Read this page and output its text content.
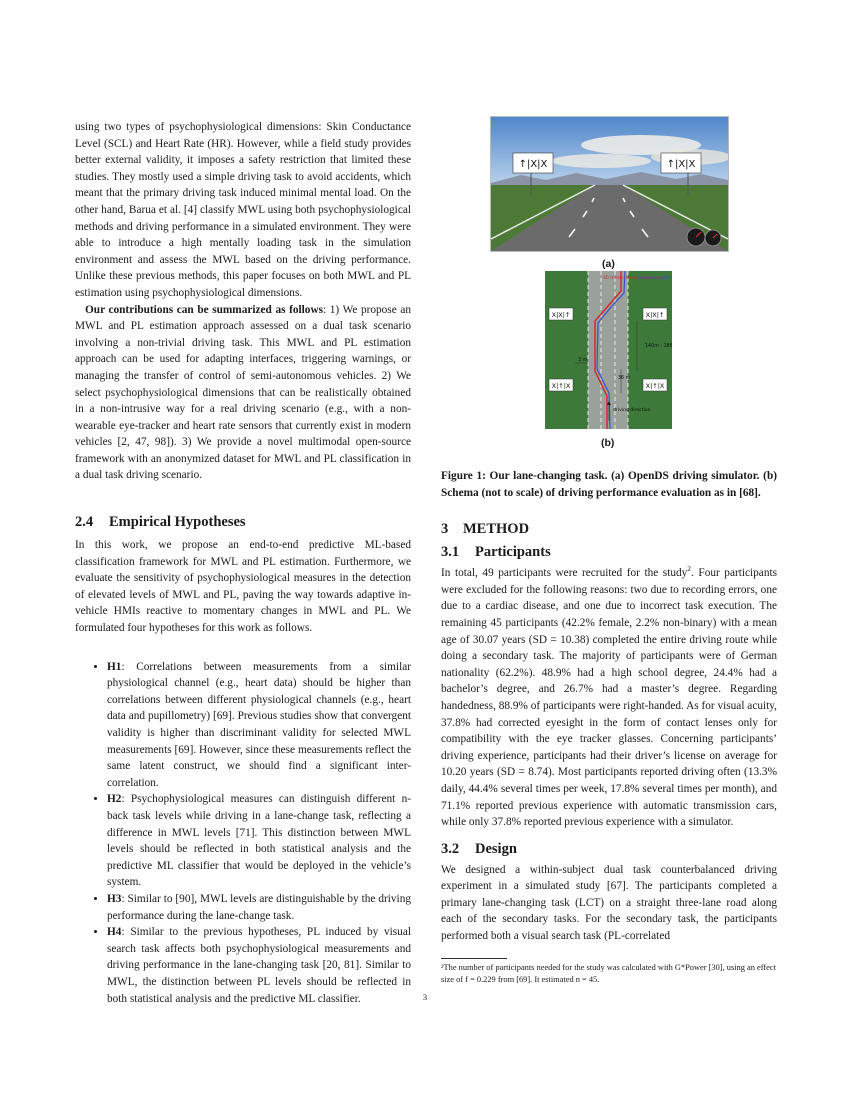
using two types of psychophysiological dimensions: Skin Conductance Level (SCL) and Heart Rate (HR). However, while a field study provides better external validity, it imposes a safety restriction that limited these studies. They mostly used a simple driving task to avoid accidents, which meant that the primary driving task induced minimal mental load. On the other hand, Barua et al. [4] classify MWL using both psychophysiological methods and driving performance in a simulated environment. They were able to introduce a high mentally loading task in the simulation environment and assess the MWL based on the driving performance. Unlike these previous methods, this paper focuses on both MWL and PL estimation using psychophysiological dimensions.

Our contributions can be summarized as follows: 1) We propose an MWL and PL estimation approach assessed on a dual task scenario involving a non-trivial driving task. This MWL and PL estimation approach can be used for adapting interfaces, triggering warnings, or managing the transfer of control of semi-autonomous vehicles. 2) We select psychophysiological dimensions that can be realistically obtained in a non-intrusive way for a real driving scenario (e.g., with a non-wearable eye-tracker and heart rate sensors that currently exist in modern vehicles [2, 47, 98]). 3) We provide a novel multimodal open-source framework with an anonymized dataset for MWL and PL classification in a dual task driving scenario.

2.4 Empirical Hypotheses

In this work, we propose an end-to-end predictive ML-based classification framework for MWL and PL estimation. Furthermore, we evaluate the sensitivity of psychophysiological measures in the detection of elevated levels of MWL and PL, paving the way towards adaptive in-vehicle HMIs reactive to momentary changes in MWL and PL. We formulated four hypotheses for this work as follows.

• H1: Correlations between measurements from a similar physiological channel (e.g., heart data) should be higher than correlations between different physiological channels (e.g., heart data and pupillometry) [69]. Previous studies show that convergent validity is higher than discriminant validity for selected MWL measurements [69]. However, since these measurements reflect the same latent construct, we should find a significant inter-correlation.
• H2: Psychophysiological measures can distinguish different n-back task levels while driving in a lane-change task, reflecting a difference in MWL levels [71]. This distinction between MWL levels should be reflected in both statistical analysis and the predictive ML classifier that would be deployed in the vehicle’s system.
• H3: Similar to [90], MWL levels are distinguishable by the driving performance during the lane-change task.
• H4: Similar to the previous hypotheses, PL induced by visual search task affects both psychophysiological measurements and driving performance in the lane-changing task [20, 81]. Similar to MWL, the distinction between PL levels should be reflected in both statistical analysis and the predictive ML classifier.
↑|X|X	↑|X|X
(a)
X|X|↑	X|X|↑
X|↑|X	X|↑|X
40 meter mean reference
sampled partic
140m - 188
3 m
36 m
driving direction
(b)

Figure 1: Our lane-changing task. (a) OpenDS driving simulator. (b) Schema (not to scale) of driving performance evaluation as in [68].

3 METHOD

3.1 Participants

In total, 49 participants were recruited for the study$^2$. Four participants were excluded for the following reasons: two due to recording errors, one due to a cardiac disease, and one due to incorrect task execution. The remaining 45 participants (42.2% female, 2.2% non-binary) with a mean age of 30.07 years (SD = 10.38) completed the entire driving route while doing a secondary task. The majority of participants were of German nationality (62.2%). 48.9% had a high school degree, 24.4% had a bachelor’s degree, and 26.7% had a master’s degree. Regarding handedness, 88.9% of participants were right-handed. As for visual acuity, 37.8% had corrected eyesight in the form of contact lenses only for compatibility with the eye tracker glasses. Concerning participants’ driving experience, participants had their driver’s license on average for 10.20 years (SD = 8.74). Most participants reported driving often (13.3% daily, 44.4% several times per week, 17.8% several times per month), and 71.1% reported previous experience with automatic transmission cars, while only 37.8% reported previous experience with a simulator.

3.2 Design

We designed a within-subject dual task counterbalanced driving experiment in a simulated study [67]. The participants completed a primary lane-changing task (LCT) on a straight three-lane road along each of the secondary tasks. For the secondary task, the participants performed both a visual search task (PL-correlated

²The number of participants needed for the study was calculated with G*Power [30], using an effect size of f = 0.229 from [69]. It estimated n = 45.

3
